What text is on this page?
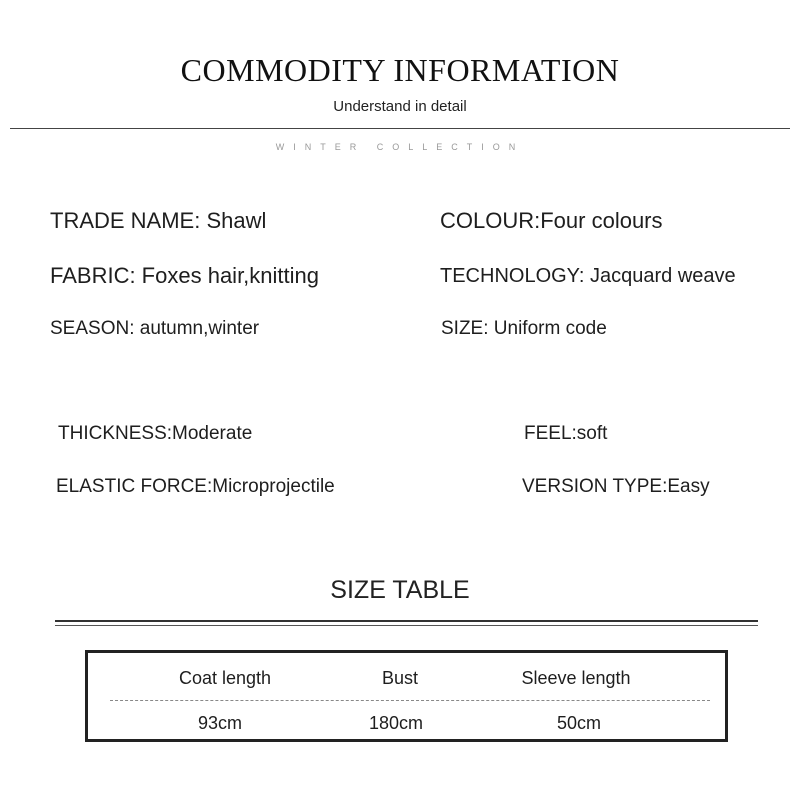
COMMODITY INFORMATION
Understand in detail
WINTER COLLECTION
TRADE NAME: Shawl	COLOUR:Four colours
FABRIC: Foxes hair,knitting	TECHNOLOGY: Jacquard weave
SEASON: autumn,winter	SIZE: Uniform code
THICKNESS:Moderate	FEEL:soft
ELASTIC FORCE:Microprojectile	VERSION TYPE:Easy
SIZE TABLE
Coat length	Bust	Sleeve length
93cm	180cm	50cm
